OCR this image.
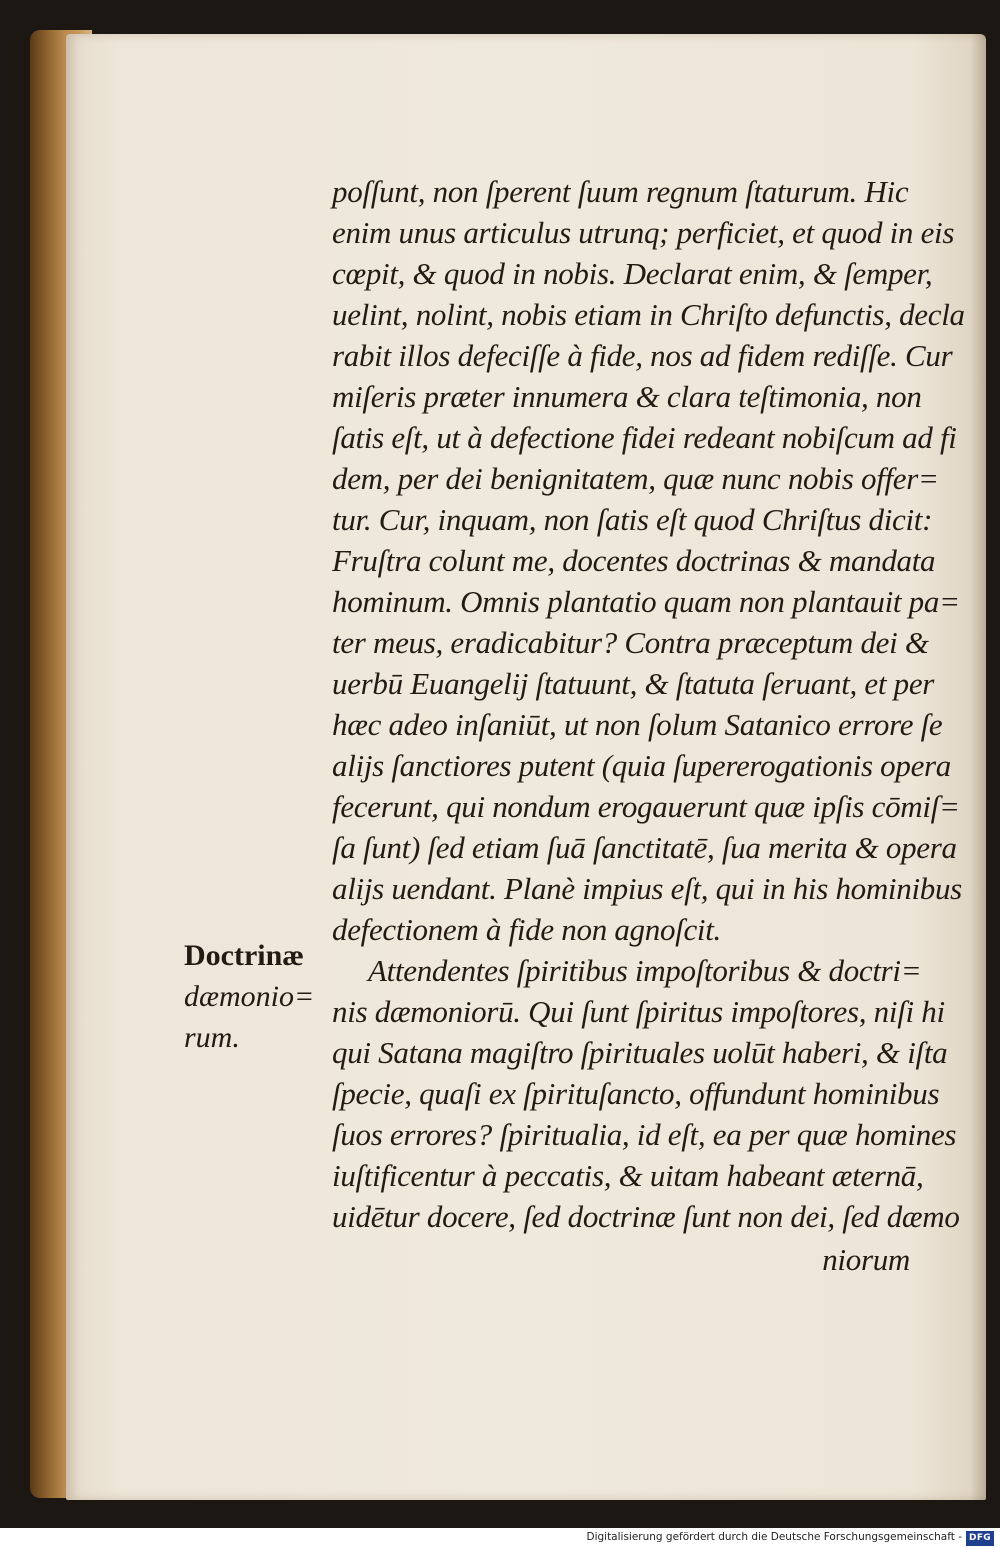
poſſunt, non ſperent ſuum regnum ſtaturum. Hic
enim unus articulus utrunq; perficiet, et quod in eis
cœpit, & quod in nobis. Declarat enim, & ſemper,
uelint, nolint, nobis etiam in Chriſto defunctis, decla
rabit illos defeciſſe à fide, nos ad fidem rediſſe. Cur
miſeris præter innumera & clara teſtimonia, non
ſatis eſt, ut à defectione fidei redeant nobiſcum ad fi
dem, per dei benignitatem, quæ nunc nobis offer=
tur. Cur, inquam, non ſatis eſt quod Chriſtus dicit:
Fruſtra colunt me, docentes doctrinas & mandata
hominum. Omnis plantatio quam non plantauit pa=
ter meus, eradicabitur? Contra præceptum dei &
uerbū Euangelij ſtatuunt, & ſtatuta ſeruant, et per
hæc adeo inſaniūt, ut non ſolum Satanico errore ſe
alijs ſanctiores putent (quia ſupererogationis opera
fecerunt, qui nondum erogauerunt quæ ipſis cōmiſ=
ſa ſunt) ſed etiam ſuā ſanctitatē, ſua merita & opera
alijs uendant. Planè impius eſt, qui in his hominibus
defectionem à fide non agnoſcit.
Attendentes ſpiritibus impoſtoribus & doctri=
nis dæmoniorū. Qui ſunt ſpiritus impoſtores, niſi hi
qui Satana magiſtro ſpirituales uolūt haberi, & iſta
ſpecie, quaſi ex ſpirituſancto, offundunt hominibus
ſuos errores? ſpiritualia, id eſt, ea per quæ homines
iuſtificentur à peccatis, & uitam habeant æternā,
uidētur docere, ſed doctrinæ ſunt non dei, ſed dæmo
niorum
Doctrinæ
dæmonio=
rum.
Digitalisierung gefördert durch die Deutsche Forschungsgemeinschaft - DFG
